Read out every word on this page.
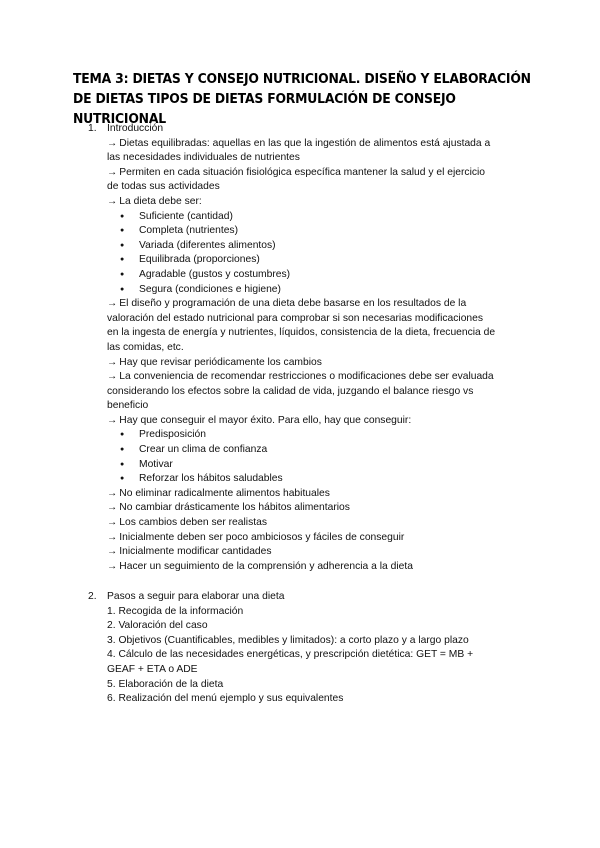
TEMA 3: DIETAS Y CONSEJO NUTRICIONAL. DISEÑO Y ELABORACIÓN DE DIETAS TIPOS DE DIETAS FORMULACIÓN DE CONSEJO NUTRICIONAL
1.	Introducción

→ Dietas equilibradas: aquellas en las que la ingestión de alimentos está ajustada a

las necesidades individuales de nutrientes

→ Permiten en cada situación fisiológica específica mantener la salud y el ejercicio

de todas sus actividades

→ La dieta debe ser:

● Suficiente (cantidad)
● Completa (nutrientes)
● Variada (diferentes alimentos)
● Equilibrada (proporciones)
● Agradable (gustos y costumbres)
● Segura (condiciones e higiene)

→ El diseño y programación de una dieta debe basarse en los resultados de la

valoración del estado nutricional para comprobar si son necesarias modificaciones

en la ingesta de energía y nutrientes, líquidos, consistencia de la dieta, frecuencia de

las comidas, etc.

→ Hay que revisar periódicamente los cambios

→ La conveniencia de recomendar restricciones o modificaciones debe ser evaluada

considerando los efectos sobre la calidad de vida, juzgando el balance riesgo vs

beneficio

→ Hay que conseguir el mayor éxito. Para ello, hay que conseguir:

● Predisposición
● Crear un clima de confianza
● Motivar
● Reforzar los hábitos saludables

→ No eliminar radicalmente alimentos habituales

→ No cambiar drásticamente los hábitos alimentarios

→ Los cambios deben ser realistas

→ Inicialmente deben ser poco ambiciosos y fáciles de conseguir

→ Inicialmente modificar cantidades

→ Hacer un seguimiento de la comprensión y adherencia a la dieta

2.	Pasos a seguir para elaborar una dieta

1. Recogida de la información

2. Valoración del caso

3. Objetivos (Cuantificables, medibles y limitados): a corto plazo y a largo plazo

4. Cálculo de las necesidades energéticas, y prescripción dietética: GET = MB +

GEAF + ETA o ADE

5. Elaboración de la dieta

6. Realización del menú ejemplo y sus equivalentes
